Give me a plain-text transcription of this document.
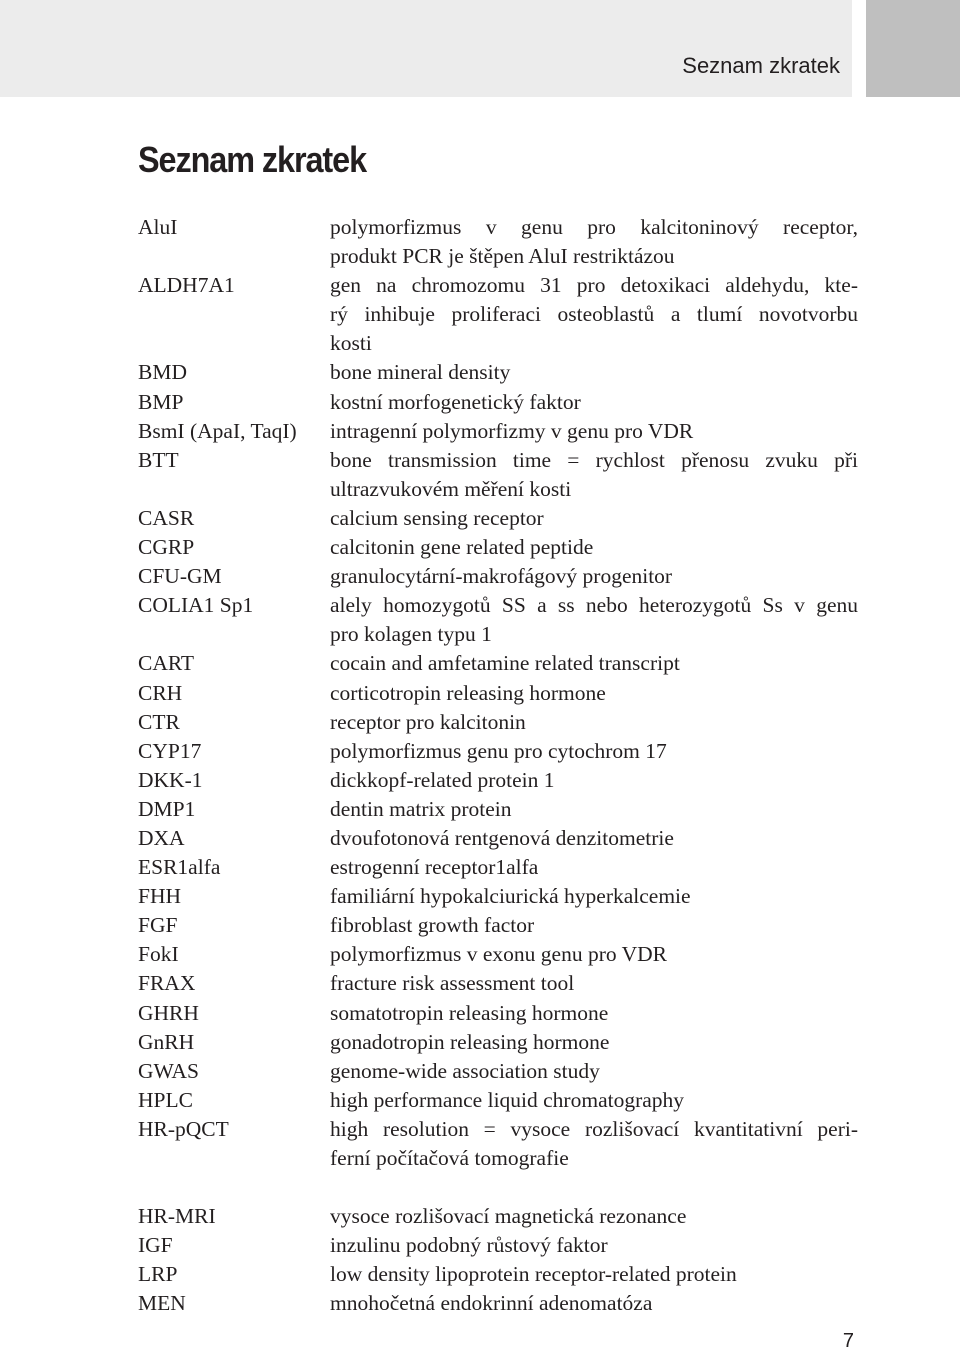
Seznam zkratek
Seznam zkratek
AluI	polymorfizmus v genu pro kalcitoninový receptor,
produkt PCR je štěpen AluI restriktázou
ALDH7A1	gen na chromozomu 31 pro detoxikaci aldehydu, kte-
rý inhibuje proliferaci osteoblastů a tlumí novotvorbu
kosti
BMD	bone mineral density
BMP	kostní morfogenetický faktor
BsmI (ApaI, TaqI) intragenní polymorfizmy v genu pro VDR
BTT	bone transmission time = rychlost přenosu zvuku při
ultrazvukovém měření kosti
CASR	calcium sensing receptor
CGRP	calcitonin gene related peptide
CFU-GM	granulocytární-makrofágový progenitor
COLIA1 Sp1	alely homozygotů SS a ss nebo heterozygotů Ss v genu
pro kolagen typu 1
CART	cocain and amfetamine related transcript
CRH	corticotropin releasing hormone
CTR	receptor pro kalcitonin
CYP17	polymorfizmus genu pro cytochrom 17
DKK-1	dickkopf-related protein 1
DMP1	dentin matrix protein
DXA	dvoufotonová rentgenová denzitometrie
ESR1alfa	estrogenní receptor1alfa
FHH	familiární hypokalciurická hyperkalcemie
FGF	fibroblast growth factor
FokI	polymorfizmus v exonu genu pro VDR
FRAX	fracture risk assessment tool
GHRH	somatotropin releasing hormone
GnRH	gonadotropin releasing hormone
GWAS	genome-wide association study
HPLC	high performance liquid chromatography
HR-pQCT	high resolution = vysoce rozlišovací kvantitativní peri-
ferní počítačová tomografie
HR-MRI	vysoce rozlišovací magnetická rezonance
IGF	inzulinu podobný růstový faktor
LRP	low density lipoprotein receptor-related protein
MEN	mnohočetná endokrinní adenomatóza
7
